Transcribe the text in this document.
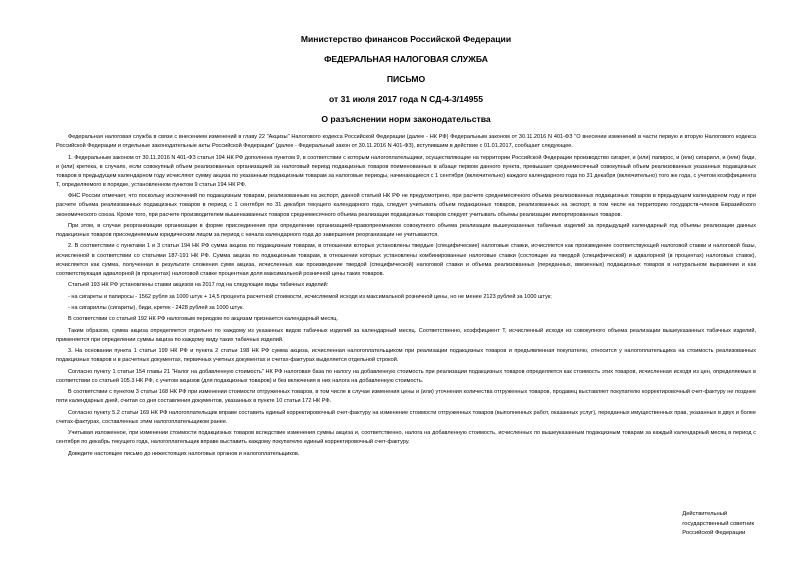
Министерство финансов Российской Федерации
ФЕДЕРАЛЬНАЯ НАЛОГОВАЯ СЛУЖБА
ПИСЬМО
от 31 июля 2017 года N СД-4-3/14955
О разъяснении норм законодательства

Федеральная налоговая служба в связи с внесением изменений в главу 22 "Акцизы" Налогового кодекса Российской Федерации (далее - НК РФ) Федеральным законом от 30.11.2016 N 401-ФЗ "О внесении изменений в части первую и вторую Налогового кодекса Российской Федерации и отдельные законодательные акты Российской Федерации" (далее - Федеральный закон от 30.11.2016 N 401-ФЗ), вступившим в действие с 01.01.2017, сообщает следующее.

1. Федеральным законом от 30.11.2016 N 401-ФЗ статья 194 НК РФ дополнена пунктом 9, в соответствии с которым налогоплательщики, осуществляющие на территории Российской Федерации производство сигарет, и (или) папирос, и (или) сигарилл, и (или) биди, и (или) кретека, в случаях, если совокупный объем реализованных организацией за налоговый период подакцизных товаров поименованных в абзаце первом данного пункта, превышает среднемесячный совокупный объем реализованных указанных подакцизных товаров в предыдущем календарном году исчисляют сумму акциза по указанным подакцизным товарам за налоговые периоды, начинающиеся с 1 сентября (включительно) каждого календарного года по 31 декабря (включительно) того же года, с учетом коэффициента Т, определяемого в порядке, установленном пунктом 9 статьи 194 НК РФ.

ФНС России отмечает, что поскольку исключений по подакцизным товарам, реализованным на экспорт, данной статьей НК РФ не предусмотрено, при расчете среднемесячного объема реализованных подакцизных товаров в предыдущем календарном году и при расчете объема реализованных подакцизных товаров в период с 1 сентября по 31 декабря текущего календарного года, следует учитывать объем подакцизных товаров, реализованных на экспорт, в том числе на территорию государств-членов Евразийского экономического союза. Кроме того, при расчете производителем вышеназванных товаров среднемесячного объема реализации подакцизных товаров следует учитывать объемы реализации импортированных товаров.

При этом, в случае реорганизации организации в форме присоединения при определении организацией-правопреемником совокупного объема реализации вышеуказанных табачных изделий за предыдущий календарный год объемы реализации данных подакцизных товаров присоединяемым юридическим лицом за период с начала календарного года до завершения реорганизации не учитываются.

2. В соответствии с пунктами 1 и 3 статьи 194 НК РФ сумма акциза по подакцизным товарам, в отношении которых установлены твердые (специфические) налоговые ставки, исчисляется как произведение соответствующей налоговой ставки и налоговой базы, исчисленной в соответствии со статьями 187-191 НК РФ. Сумма акциза по подакцизным товарам, в отношении которых установлены комбинированные налоговые ставки (состоящие из твердой (специфической) и адвалорной (в процентах) налоговых ставок), исчисляется как сумма, полученная в результате сложения сумм акциза, исчисленных как произведение твердой (специфической) налоговой ставки и объема реализованных (переданных, ввезенных) подакцизных товаров в натуральном выражении и как соответствующая адвалорной (в процентах) налоговой ставке процентная доля максимальной розничной цены таких товаров.

Статьей 193 НК РФ установлены ставки акцизов на 2017 год на следующие виды табачных изделий:

- на сигареты и папиросы - 1562 рубля за 1000 штук + 14,5 процента расчетной стоимости, исчисляемой исходя из максимальной розничной цены, но не менее 2123 рублей за 1000 штук;

- на сигариллы (сигариты), биди, кретек - 2428 рублей за 1000 штук.

В соответствии со статьей 192 НК РФ налоговым периодом по акцизам признается календарный месяц.

Таким образом, сумма акциза определяется отдельно по каждому из указанных видов табачных изделий за календарный месяц. Соответственно, коэффициент Т, исчисленный исходя из совокупного объема реализации вышеуказанных табачных изделий, применяется при определении суммы акциза по каждому виду таких табачных изделий.

3. На основании пункта 1 статьи 199 НК РФ и пункта 2 статьи 198 НК РФ сумма акциза, исчисленная налогоплательщиком при реализации подакцизных товаров и предъявленная покупателю, относится у налогоплательщика на стоимость реализованных подакцизных товаров и в расчетных документах, первичных учетных документах и счетах-фактурах выделяется отдельной строкой.

Согласно пункту 1 статьи 154 главы 21 "Налог на добавленную стоимость" НК РФ налоговая база по налогу на добавленную стоимость при реализации подакцизных товаров определяется как стоимость этих товаров, исчисленная исходя из цен, определяемых в соответствии со статьей 105.3 НК РФ, с учетом акцизов (для подакцизных товаров) и без включения в них налога на добавленную стоимость.

В соответствии с пунктом 3 статьи 168 НК РФ при изменении стоимости отгруженных товаров, в том числе в случае изменения цены и (или) уточнения количества отгруженных товаров, продавец выставляет покупателю корректировочный счет-фактуру не позднее пяти календарных дней, считая со дня составления документов, указанных в пункте 10 статьи 172 НК РФ.

Согласно пункту 5.2 статьи 169 НК РФ налогоплательщик вправе составить единый корректировочный счет-фактуру на изменение стоимости отгруженных товаров (выполненных работ, оказанных услуг), переданных имущественных прав, указанных в двух и более счетах-фактурах, составленных этим налогоплательщиком ранее.

Учитывая изложенное, при изменении стоимости подакцизных товаров вследствие изменения суммы акциза и, соответственно, налога на добавленную стоимость, исчисленных по вышеуказанным подакцизным товарам за каждый календарный месяц в период с сентября по декабрь текущего года, налогоплательщик вправе выставить каждому покупателю единый корректировочный счет-фактуру.

Доведите настоящее письмо до нижестоящих налоговых органов и налогоплательщиков.

Действительный
государственный советник
Российской Федерации
